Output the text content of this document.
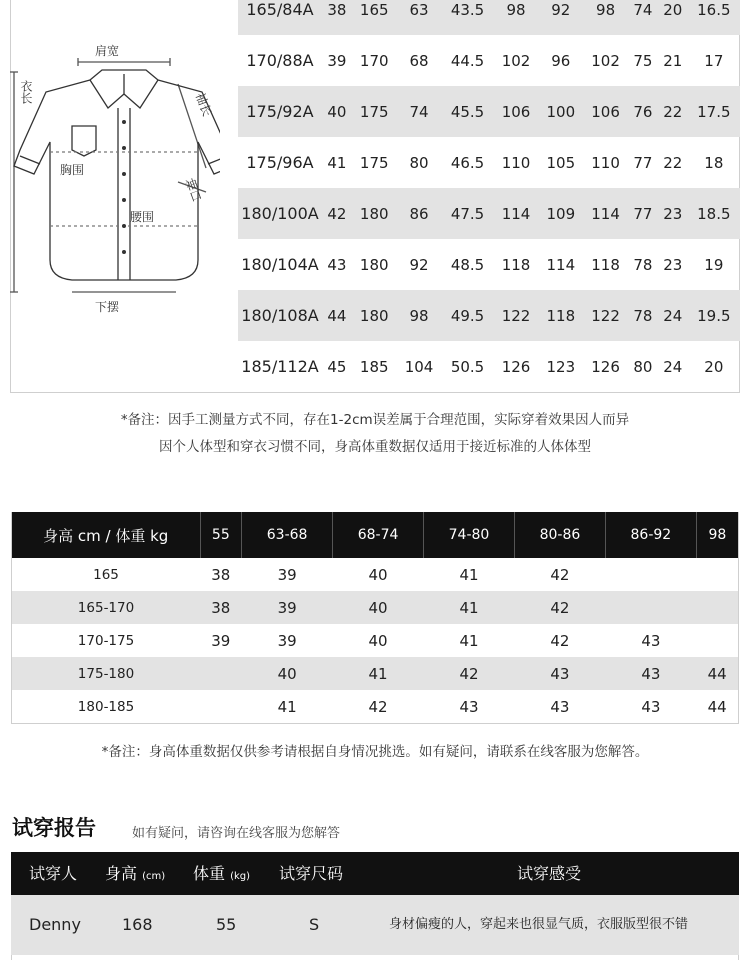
肩宽
衣长	袖长
胸围
腰围
袖口
下摆
165/84A	38	165	63	43.5	98	92	98	74	20	16.5
170/88A	39	170	68	44.5	102	96	102	75	21	17
175/92A	40	175	74	45.5	106	100	106	76	22	17.5
175/96A	41	175	80	46.5	110	105	110	77	22	18
180/100A	42	180	86	47.5	114	109	114	77	23	18.5
180/104A	43	180	92	48.5	118	114	118	78	23	19
180/108A	44	180	98	49.5	122	118	122	78	24	19.5
185/112A	45	185	104	50.5	126	123	126	80	24	20
*备注：因手工测量方式不同，存在1-2cm误差属于合理范围，实际穿着效果因人而异
因个人体型和穿衣习惯不同，身高体重数据仅适用于接近标准的人体体型
身高 cm / 体重 kg	55	63-68	68-74	74-80	80-86	86-92	98
165	38	39	40	41	42		
165-170	38	39	40	41	42		
170-175	39	39	40	41	42	43	
175-180		40	41	42	43	43	44
180-185		41	42	43	43	43	44
*备注：身高体重数据仅供参考请根据自身情况挑选。如有疑问，请联系在线客服为您解答。
试穿报告	如有疑问，请咨询在线客服为您解答
试穿人 身高 (cm) 体重 (kg) 试穿尺码	试穿感受
Denny	168	55	S	身材偏瘦的人，穿起来也很显气质，衣服版型很不错
